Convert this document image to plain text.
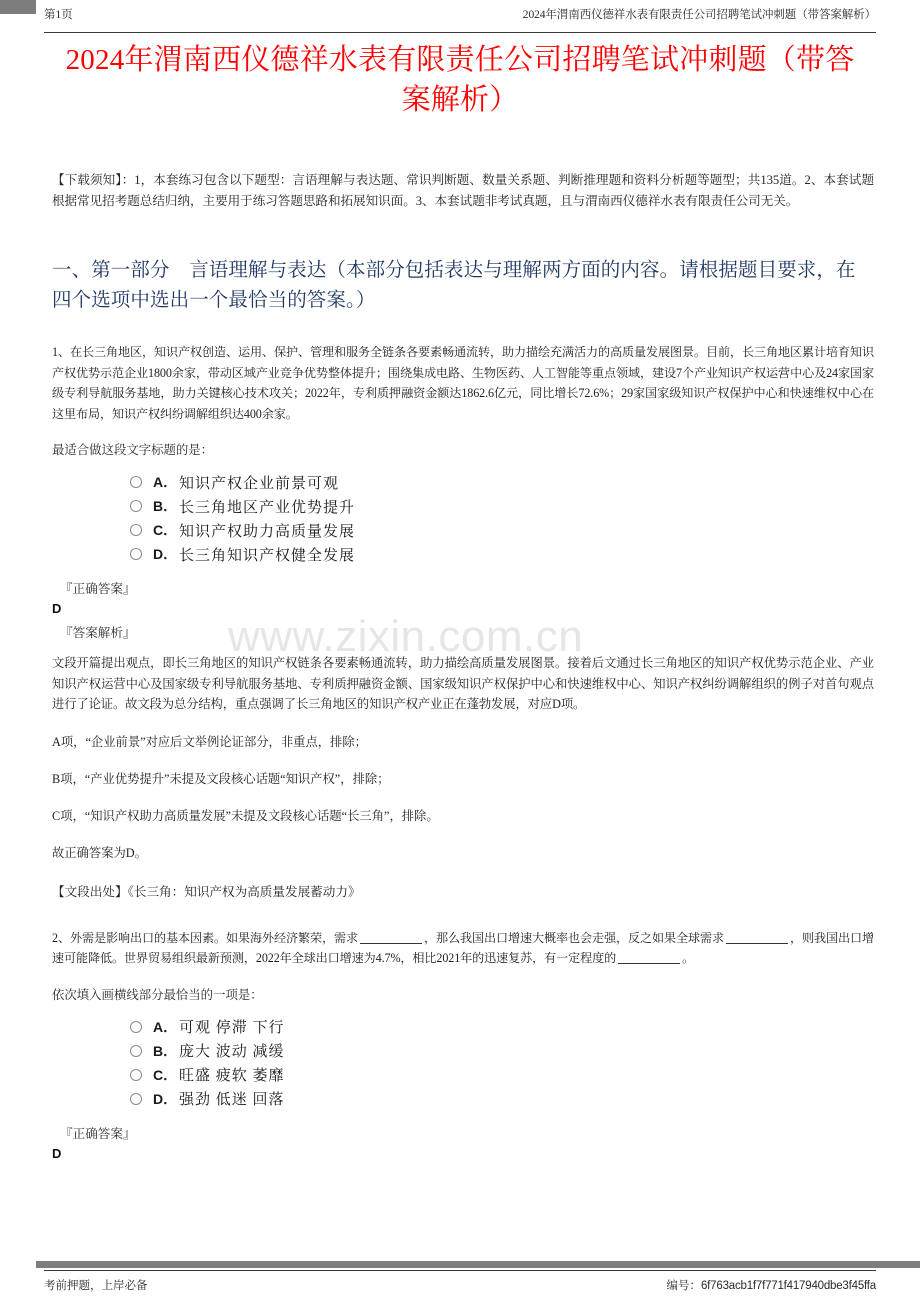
第1页	2024年渭南西仪德祥水表有限责任公司招聘笔试冲刺题（带答案解析）
2024年渭南西仪德祥水表有限责任公司招聘笔试冲刺题（带答案解析）
【下载须知】：1，本套练习包含以下题型：言语理解与表达题、常识判断题、数量关系题、判断推理题和资料分析题等题型；共135道。2、本套试题根据常见招考题总结归纳，主要用于练习答题思路和拓展知识面。3、本套试题非考试真题，且与渭南西仪德祥水表有限责任公司无关。
一、第一部分　言语理解与表达（本部分包括表达与理解两方面的内容。请根据题目要求，在四个选项中选出一个最恰当的答案。）
1、在长三角地区，知识产权创造、运用、保护、管理和服务全链条各要素畅通流转，助力描绘充满活力的高质量发展图景。目前，长三角地区累计培育知识产权优势示范企业1800余家，带动区域产业竞争优势整体提升；围绕集成电路、生物医药、人工智能等重点领域，建设7个产业知识产权运营中心及24家国家级专利导航服务基地，助力关键核心技术攻关；2022年，专利质押融资金额达1862.6亿元，同比增长72.6%；29家国家级知识产权保护中心和快速维权中心在这里布局，知识产权纠纷调解组织达400余家。
最适合做这段文字标题的是：
A． 知识产权企业前景可观
B． 长三角地区产业优势提升
C． 知识产权助力高质量发展
D． 长三角知识产权健全发展
『正确答案』
D
『答案解析』
文段开篇提出观点，即长三角地区的知识产权链条各要素畅通流转，助力描绘高质量发展图景。接着后文通过长三角地区的知识产权优势示范企业、产业知识产权运营中心及国家级专利导航服务基地、专利质押融资金额、国家级知识产权保护中心和快速维权中心、知识产权纠纷调解组织的例子对首句观点进行了论证。故文段为总分结构，重点强调了长三角地区的知识产权产业正在蓬勃发展，对应D项。
A项，“企业前景”对应后文举例论证部分，非重点，排除；
B项，“产业优势提升”未提及文段核心话题“知识产权”，排除；
C项，“知识产权助力高质量发展”未提及文段核心话题“长三角”，排除。
故正确答案为D。
【文段出处】《长三角：知识产权为高质量发展蓄动力》
2、外需是影响出口的基本因素。如果海外经济繁荣，需求	，那么我国出口增速大概率也会走强，反之如果全球需求	，则我国出口增速可能降低。世界贸易组织最新预测，2022年全球出口增速为4.7%，相比2021年的迅速复苏，有一定程度的	。
依次填入画横线部分最恰当的一项是：
A． 可观 停滞 下行
B． 庞大 波动 减缓
C． 旺盛 疲软 萎靡
D． 强劲 低迷 回落
『正确答案』
D
www.zixin.com.cn
考前押题，上岸必备	编号：6f763acb1f7f771f417940dbe3f45ffa
